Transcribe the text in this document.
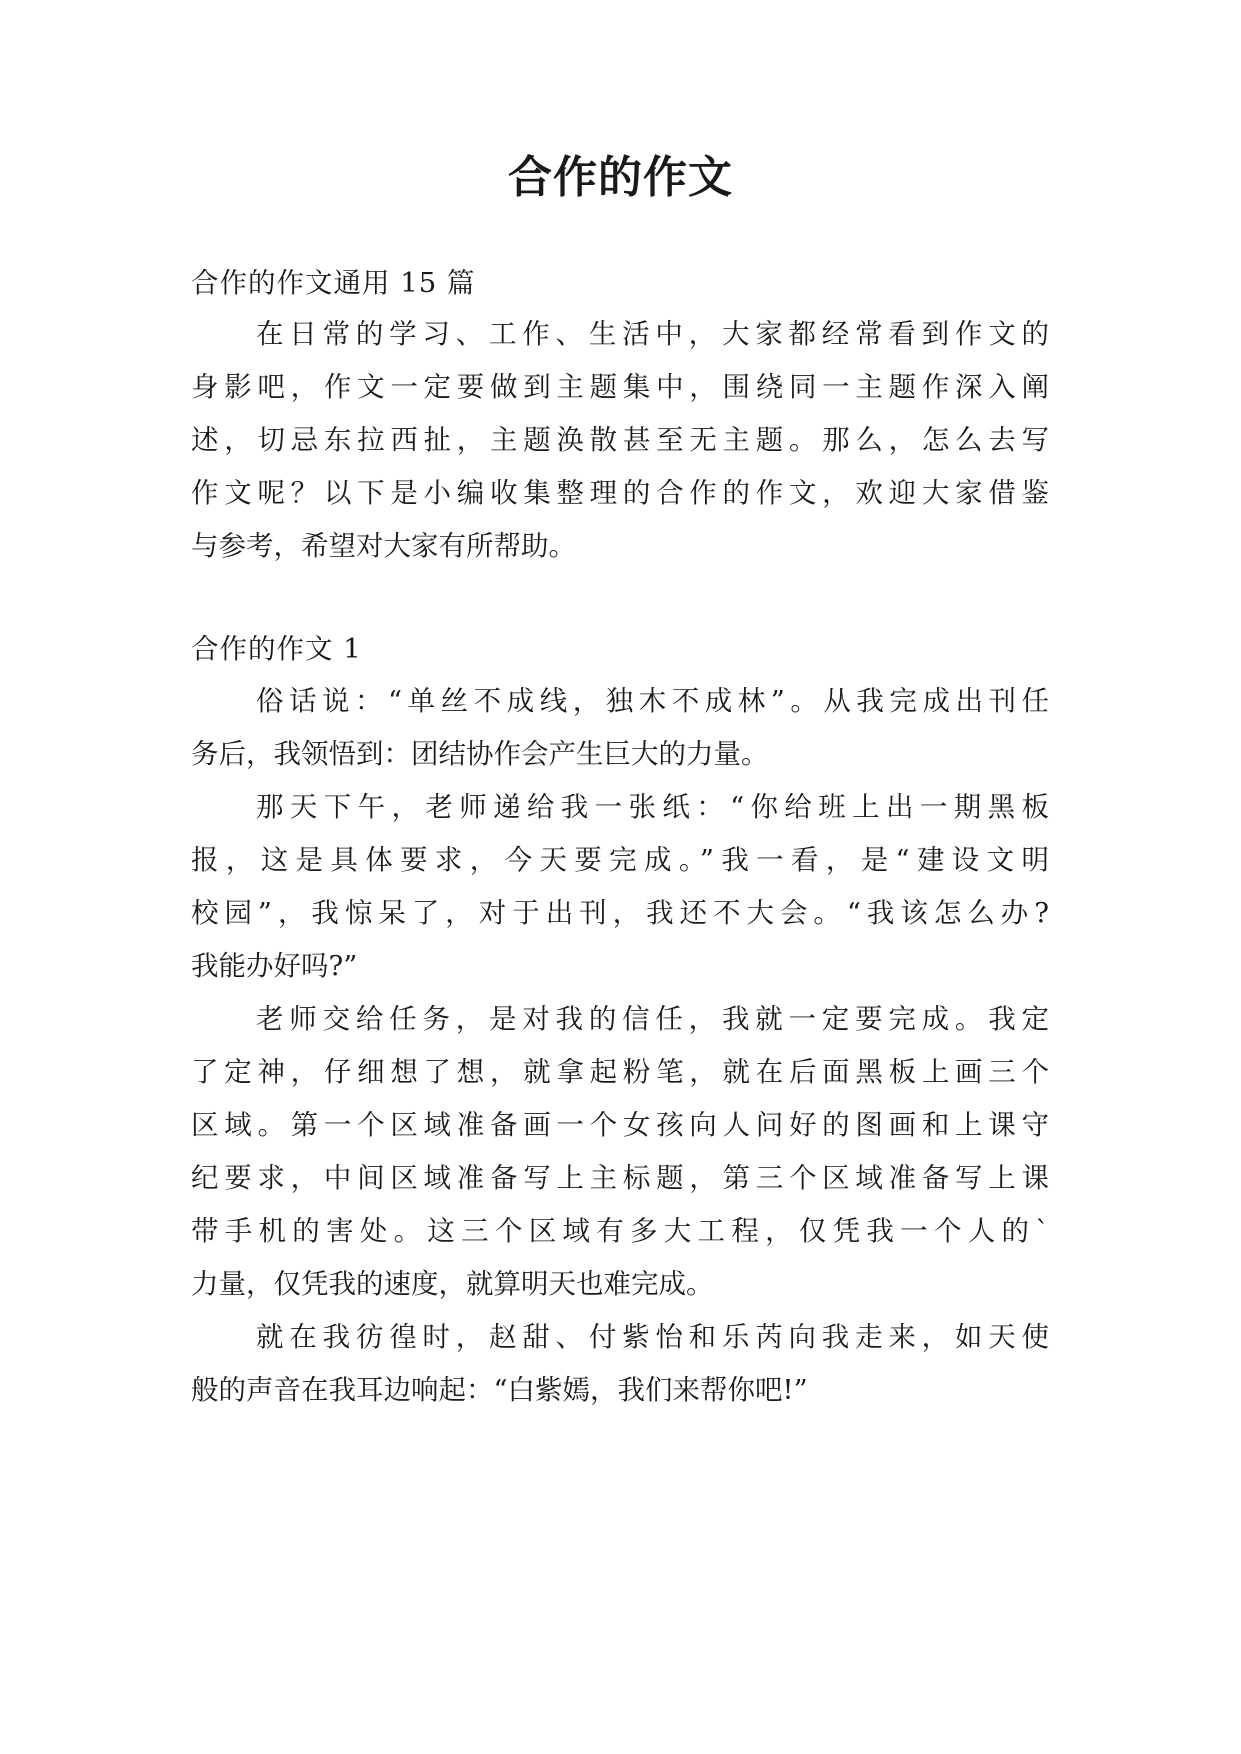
合作的作文

合作的作文通用 15 篇

在日常的学习、工作、生活中，大家都经常看到作文的

身影吧，作文一定要做到主题集中，围绕同一主题作深入阐

述，切忌东拉西扯，主题涣散甚至无主题。那么，怎么去写

作文呢？以下是小编收集整理的合作的作文，欢迎大家借鉴

与参考，希望对大家有所帮助。

合作的作文 1

俗话说：“单丝不成线，独木不成林”。从我完成出刊任

务后，我领悟到：团结协作会产生巨大的力量。

那天下午，老师递给我一张纸：“你给班上出一期黑板

报，这是具体要求，今天要完成。”我一看，是“建设文明

校园”，我惊呆了，对于出刊，我还不大会。“我该怎么办?

我能办好吗?”

老师交给任务，是对我的信任，我就一定要完成。我定

了定神，仔细想了想，就拿起粉笔，就在后面黑板上画三个

区域。第一个区域准备画一个女孩向人问好的图画和上课守

纪要求，中间区域准备写上主标题，第三个区域准备写上课

带手机的害处。这三个区域有多大工程，仅凭我一个人的`

力量，仅凭我的速度，就算明天也难完成。

就在我彷徨时，赵甜、付紫怡和乐芮向我走来，如天使

般的声音在我耳边响起：“白紫嫣，我们来帮你吧!”
